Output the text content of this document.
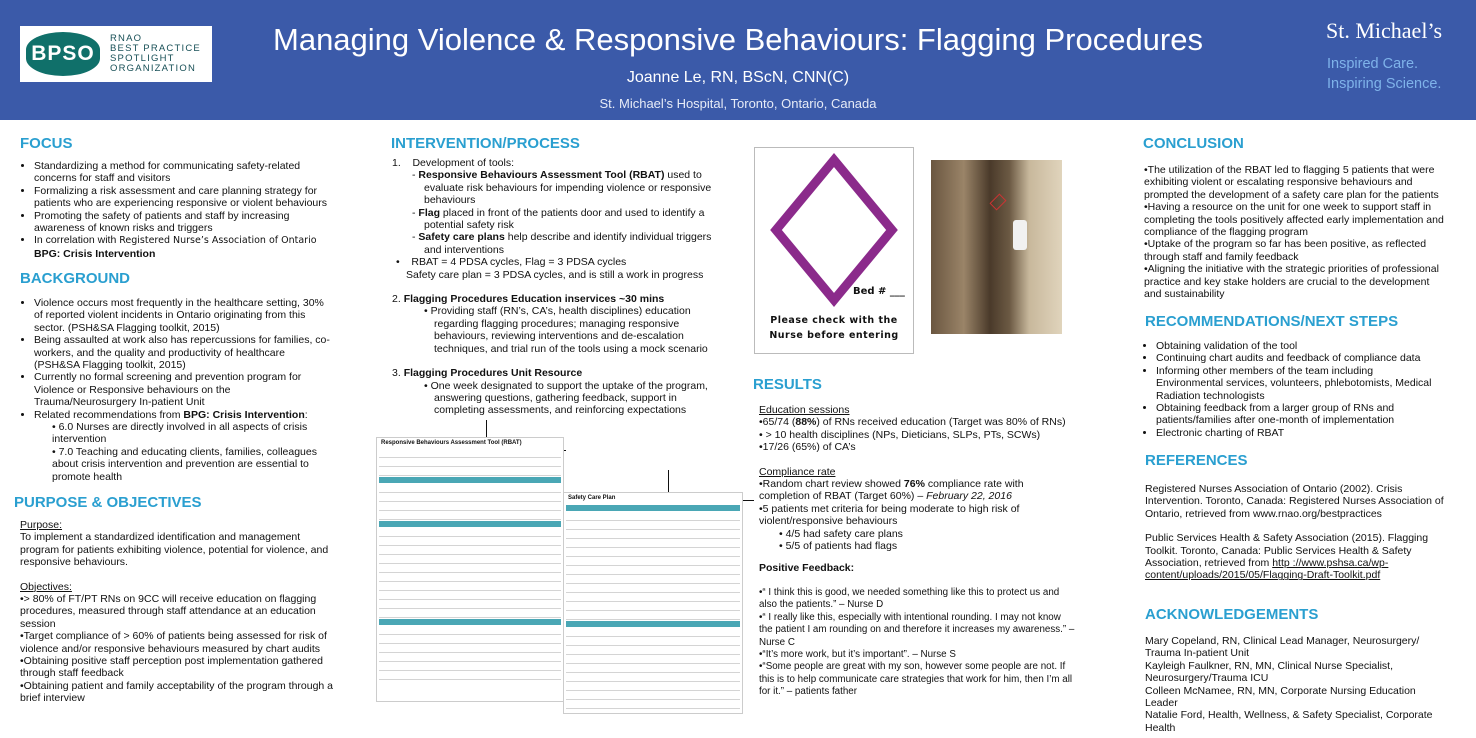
BPSO
RNAO
BEST PRACTICE
SPOTLIGHT
ORGANIZATION
Managing Violence & Responsive Behaviours: Flagging Procedures
Joanne Le, RN, BScN, CNN(C)
St. Michael’s Hospital, Toronto, Ontario, Canada
St. Michael’s
Inspired Care.
Inspiring Science.
FOCUS
• Standardizing a method for communicating safety-related concerns for staff and visitors
• Formalizing a risk assessment and care planning strategy for patients who are experiencing responsive or violent behaviours
• Promoting the safety of patients and staff by increasing awareness of known risks and triggers
• In correlation with Registered Nurse’s Association of Ontario
BPG: Crisis Intervention
BACKGROUND
• Violence occurs most frequently in the healthcare setting, 30% of reported violent incidents in Ontario originating from this sector. (PSH&SA Flagging toolkit, 2015)
• Being assaulted at work also has repercussions for families, co-workers, and the quality and productivity of healthcare (PSH&SA Flagging toolkit, 2015)
• Currently no formal screening and prevention program for Violence or Responsive behaviours on the Trauma/Neurosurgery In-patient Unit
• Related recommendations from BPG: Crisis Intervention:
• 6.0 Nurses are directly involved in all aspects of crisis intervention
• 7.0 Teaching and educating clients, families, colleagues about crisis intervention and prevention are essential to promote health
PURPOSE & OBJECTIVES
Purpose:
To implement a standardized identification and management program for patients exhibiting violence, potential for violence, and responsive behaviours.
Objectives:
•> 80% of FT/PT RNs on 9CC will receive education on flagging procedures, measured through staff attendance at an education session
•Target compliance of > 60% of patients being assessed for risk of violence and/or responsive behaviours measured by chart audits
•Obtaining positive staff perception post implementation gathered through staff feedback
•Obtaining patient and family acceptability of the program through a brief interview
INTERVENTION/PROCESS
1.    Development of tools:
- Responsive Behaviours Assessment Tool (RBAT) used to evaluate risk behaviours for impending violence or responsive behaviours
- Flag placed in front of the patients door and used to identify a potential safety risk
- Safety care plans help describe and identify individual triggers and interventions
•    RBAT = 4 PDSA cycles, Flag = 3 PDSA cycles
Safety care plan = 3 PDSA cycles, and is still a work in progress
2. Flagging Procedures Education inservices ~30 mins
• Providing staff (RN’s, CA’s, health disciplines) education regarding flagging procedures; managing responsive behaviours, reviewing interventions and de-escalation techniques, and trial run of the tools using a mock scenario
3. Flagging Procedures Unit Resource
• One week designated to support the uptake of the program, answering questions, gathering feedback, support in completing assessments, and reinforcing expectations
Responsive Behaviours Assessment Tool (RBAT)
Safety Care Plan
Bed # ___
Please check with the
Nurse before entering
RESULTS
Education sessions
•65/74 (88%) of RNs received education (Target was 80% of RNs)
• > 10 health disciplines (NPs, Dieticians, SLPs, PTs, SCWs)
•17/26 (65%) of CA’s
Compliance rate
•Random chart review showed 76% compliance rate with completion of RBAT (Target 60%) – February 22, 2016
•5 patients met criteria for being moderate to high risk of violent/responsive behaviours
• 4/5 had safety care plans
• 5/5 of patients had flags
Positive Feedback:
•“ I think this is good, we needed something like this to protect us and also the patients.” – Nurse D
•“ I really like this, especially with intentional rounding. I may not know the patient I am rounding on and therefore it increases my awareness.” – Nurse C
•“It’s more work, but it’s important”. – Nurse S
•“Some people are great with my son, however some people are not. If this is to help communicate care strategies that work for him, then I’m all for it.” – patients father
CONCLUSION
•The utilization of the RBAT led to flagging 5 patients that were exhibiting violent or escalating responsive behaviours and prompted the development of a safety care plan for the patients
•Having a resource on the unit for one week to support staff in completing the tools positively affected early implementation and compliance of the flagging program
•Uptake of the program so far has been positive, as reflected through staff and family feedback
•Aligning the initiative with the strategic priorities of professional practice and key stake holders are crucial to the development and sustainability
RECOMMENDATIONS/NEXT STEPS
• Obtaining validation of the tool
• Continuing chart audits and feedback of compliance data
• Informing other members of the team including Environmental services, volunteers, phlebotomists, Medical Radiation technologists
• Obtaining feedback from a larger group of RNs and patients/families after one-month of implementation
• Electronic charting of RBAT
REFERENCES
Registered Nurses Association of Ontario (2002). Crisis Intervention. Toronto, Canada: Registered Nurses Association of Ontario, retrieved from www.rnao.org/bestpractices
Public Services Health & Safety Association (2015). Flagging Toolkit. Toronto, Canada: Public Services Health & Safety Association, retrieved from http ://www.pshsa.ca/wp-content/uploads/2015/05/Flagging-Draft-Toolkit.pdf
ACKNOWLEDGEMENTS
Mary Copeland, RN, Clinical Lead Manager, Neurosurgery/ Trauma In-patient Unit
Kayleigh Faulkner, RN, MN, Clinical Nurse Specialist, Neurosurgery/Trauma ICU
Colleen McNamee, RN, MN, Corporate Nursing Education Leader
Natalie Ford, Health, Wellness, & Safety Specialist, Corporate Health
